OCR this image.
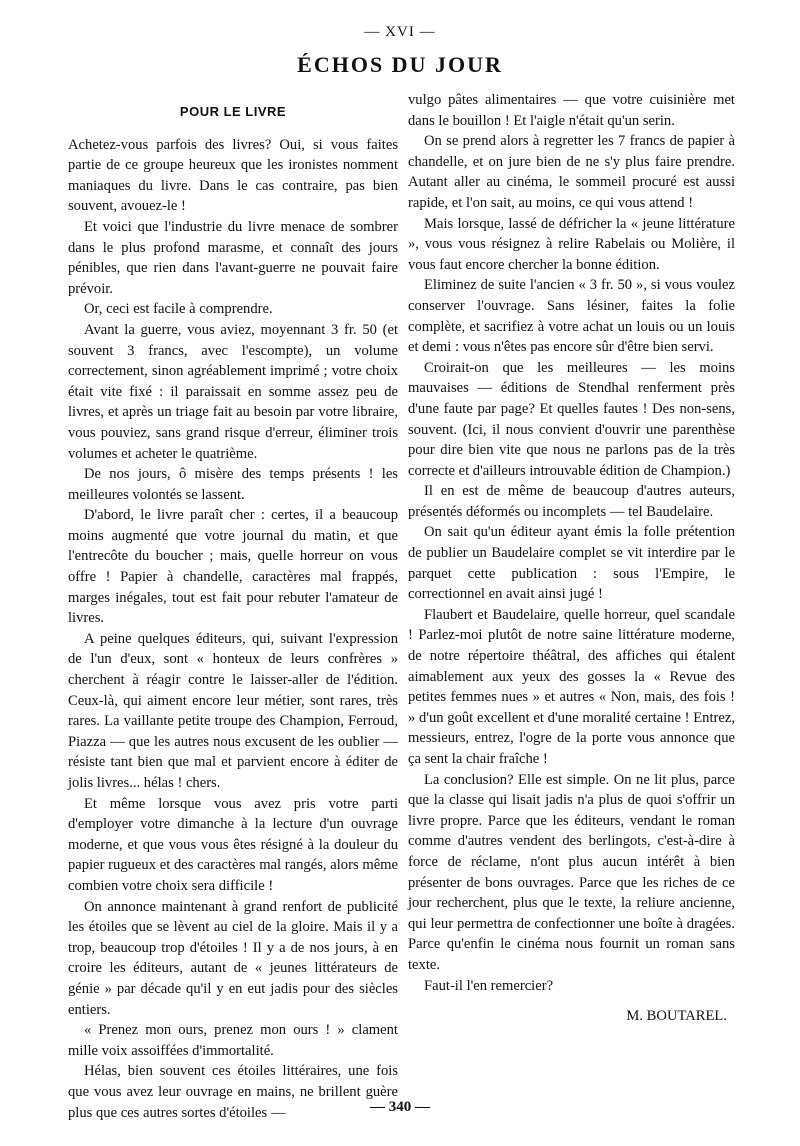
— XVI —
ÉCHOS DU JOUR
POUR LE LIVRE

Achetez-vous parfois des livres? Oui, si vous faites partie de ce groupe heureux que les ironistes nomment maniaques du livre. Dans le cas contraire, pas bien souvent, avouez-le !

Et voici que l'industrie du livre menace de sombrer dans le plus profond marasme, et connaît des jours pénibles, que rien dans l'avant-guerre ne pouvait faire prévoir.

Or, ceci est facile à comprendre.

Avant la guerre, vous aviez, moyennant 3 fr. 50 (et souvent 3 francs, avec l'escompte), un volume correctement, sinon agréablement imprimé ; votre choix était vite fixé : il paraissait en somme assez peu de livres, et après un triage fait au besoin par votre libraire, vous pouviez, sans grand risque d'erreur, éliminer trois volumes et acheter le quatrième.

De nos jours, ô misère des temps présents ! les meilleures volontés se lassent.

D'abord, le livre paraît cher : certes, il a beaucoup moins augmenté que votre journal du matin, et que l'entrecôte du boucher ; mais, quelle horreur on vous offre ! Papier à chandelle, caractères mal frappés, marges inégales, tout est fait pour rebuter l'amateur de livres.

A peine quelques éditeurs, qui, suivant l'expression de l'un d'eux, sont « honteux de leurs confrères » cherchent à réagir contre le laisser-aller de l'édition. Ceux-là, qui aiment encore leur métier, sont rares, très rares. La vaillante petite troupe des Champion, Ferroud, Piazza — que les autres nous excusent de les oublier — résiste tant bien que mal et parvient encore à éditer de jolis livres... hélas ! chers.

Et même lorsque vous avez pris votre parti d'employer votre dimanche à la lecture d'un ouvrage moderne, et que vous vous êtes résigné à la douleur du papier rugueux et des caractères mal rangés, alors même combien votre choix sera difficile !

On annonce maintenant à grand renfort de publicité les étoiles que se lèvent au ciel de la gloire. Mais il y a trop, beaucoup trop d'étoiles ! Il y a de nos jours, à en croire les éditeurs, autant de « jeunes littérateurs de génie » par décade qu'il y en eut jadis pour des siècles entiers.

« Prenez mon ours, prenez mon ours ! » clament mille voix assoiffées d'immortalité.

Hélas, bien souvent ces étoiles littéraires, une fois que vous avez leur ouvrage en mains, ne brillent guère plus que ces autres sortes d'étoiles —

vulgo pâtes alimentaires — que votre cuisinière met dans le bouillon ! Et l'aigle n'était qu'un serin.

On se prend alors à regretter les 7 francs de papier à chandelle, et on jure bien de ne s'y plus faire prendre. Autant aller au cinéma, le sommeil procuré est aussi rapide, et l'on sait, au moins, ce qui vous attend !

Mais lorsque, lassé de défricher la « jeune littérature », vous vous résignez à relire Rabelais ou Molière, il vous faut encore chercher la bonne édition.

Eliminez de suite l'ancien « 3 fr. 50 », si vous voulez conserver l'ouvrage. Sans lésiner, faites la folie complète, et sacrifiez à votre achat un louis ou un louis et demi : vous n'êtes pas encore sûr d'être bien servi.

Croirait-on que les meilleures — les moins mauvaises — éditions de Stendhal renferment près d'une faute par page? Et quelles fautes ! Des non-sens, souvent. (Ici, il nous convient d'ouvrir une parenthèse pour dire bien vite que nous ne parlons pas de la très correcte et d'ailleurs introuvable édition de Champion.)

Il en est de même de beaucoup d'autres auteurs, présentés déformés ou incomplets — tel Baudelaire.

On sait qu'un éditeur ayant émis la folle prétention de publier un Baudelaire complet se vit interdire par le parquet cette publication : sous l'Empire, le correctionnel en avait ainsi jugé !

Flaubert et Baudelaire, quelle horreur, quel scandale ! Parlez-moi plutôt de notre saine littérature moderne, de notre répertoire théâtral, des affiches qui étalent aimablement aux yeux des gosses la « Revue des petites femmes nues » et autres « Non, mais, des fois ! » d'un goût excellent et d'une moralité certaine ! Entrez, messieurs, entrez, l'ogre de la porte vous annonce que ça sent la chair fraîche !

La conclusion? Elle est simple. On ne lit plus, parce que la classe qui lisait jadis n'a plus de quoi s'offrir un livre propre. Parce que les éditeurs, vendant le roman comme d'autres vendent des berlingots, c'est-à-dire à force de réclame, n'ont plus aucun intérêt à bien présenter de bons ouvrages. Parce que les riches de ce jour recherchent, plus que le texte, la reliure ancienne, qui leur permettra de confectionner une boîte à dragées. Parce qu'enfin le cinéma nous fournit un roman sans texte.

Faut-il l'en remercier?

M. BOUTAREL.
— 340 —
